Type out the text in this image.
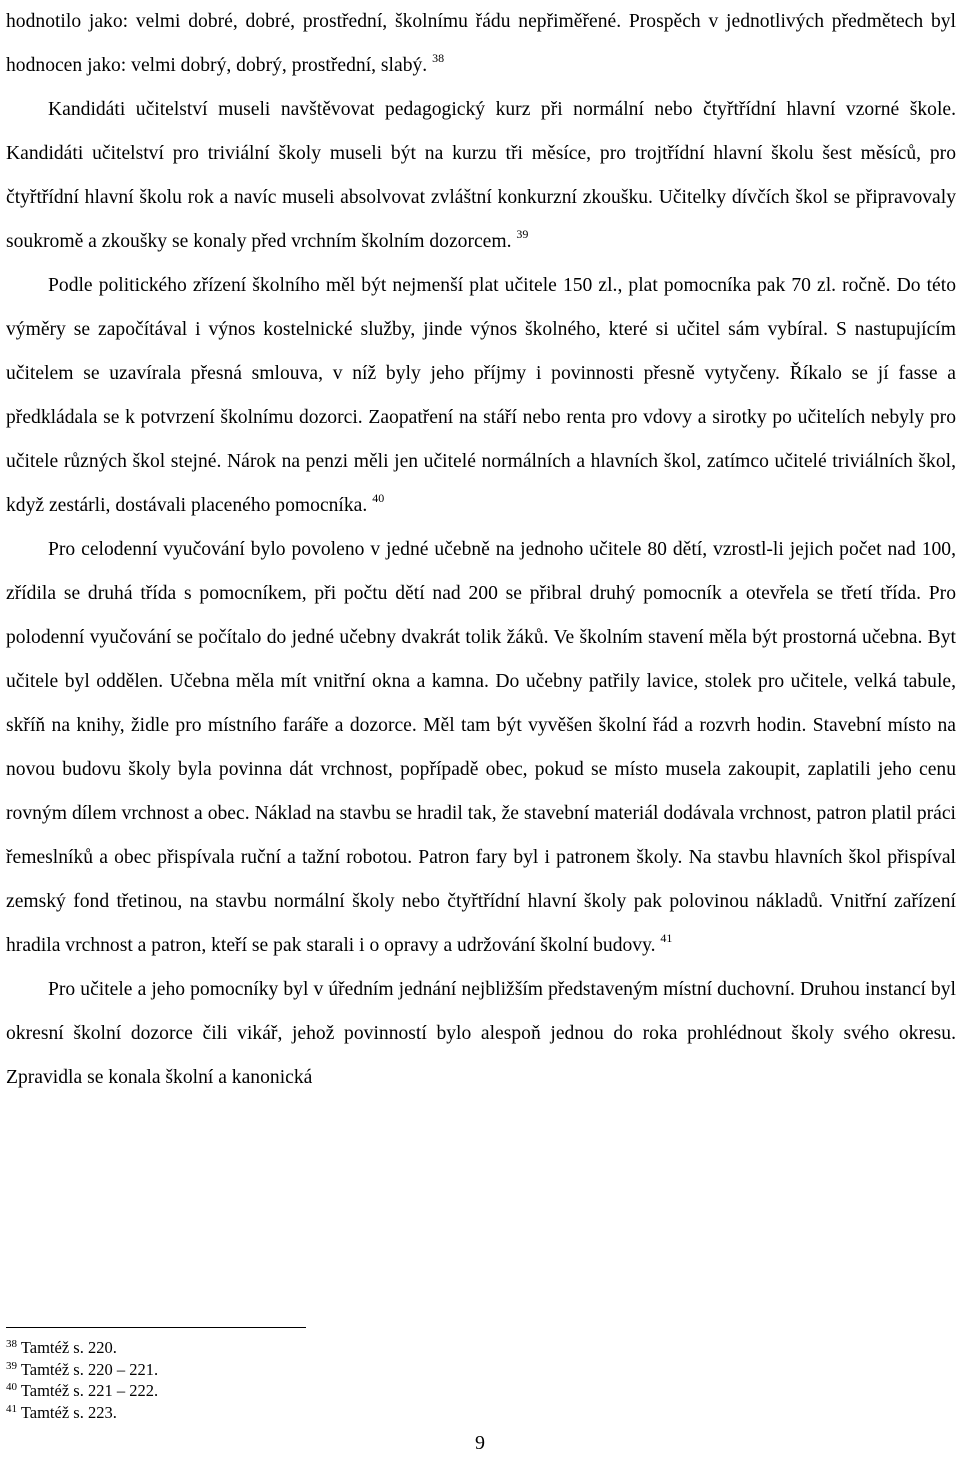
hodnotilo jako: velmi dobré, dobré, prostřední, školnímu řádu nepřiměřené. Prospěch v jednotlivých předmětech byl hodnocen jako: velmi dobrý, dobrý, prostřední, slabý. $^{38}$

Kandidáti učitelství museli navštěvovat pedagogický kurz při normální nebo čtyřtřídní hlavní vzorné škole. Kandidáti učitelství pro triviální školy museli být na kurzu tři měsíce, pro trojtřídní hlavní školu šest měsíců, pro čtyřtřídní hlavní školu rok a navíc museli absolvovat zvláštní konkurzní zkoušku. Učitelky dívčích škol se připravovaly soukromě a zkoušky se konaly před vrchním školním dozorcem. $^{39}$

Podle politického zřízení školního měl být nejmenší plat učitele 150 zl., plat pomocníka pak 70 zl. ročně. Do této výměry se započítával i výnos kostelnické služby, jinde výnos školného, které si učitel sám vybíral. S nastupujícím učitelem se uzavírala přesná smlouva, v níž byly jeho příjmy i povinnosti přesně vytyčeny. Říkalo se jí fasse a předkládala se k potvrzení školnímu dozorci. Zaopatření na stáří nebo renta pro vdovy a sirotky po učitelích nebyly pro učitele různých škol stejné. Nárok na penzi měli jen učitelé normálních a hlavních škol, zatímco učitelé triviálních škol, když zestárli, dostávali placeného pomocníka. $^{40}$

Pro celodenní vyučování bylo povoleno v jedné učebně na jednoho učitele 80 dětí, vzrostl-li jejich počet nad 100, zřídila se druhá třída s pomocníkem, při počtu dětí nad 200 se přibral druhý pomocník a otevřela se třetí třída. Pro polodenní vyučování se počítalo do jedné učebny dvakrát tolik žáků. Ve školním stavení měla být prostorná učebna. Byt učitele byl oddělen. Učebna měla mít vnitřní okna a kamna. Do učebny patřily lavice, stolek pro učitele, velká tabule, skříň na knihy, židle pro místního faráře a dozorce. Měl tam být vyvěšen školní řád a rozvrh hodin. Stavební místo na novou budovu školy byla povinna dát vrchnost, popřípadě obec, pokud se místo musela zakoupit, zaplatili jeho cenu rovným dílem vrchnost a obec. Náklad na stavbu se hradil tak, že stavební materiál dodávala vrchnost, patron platil práci řemeslníků a obec přispívala ruční a tažní robotou. Patron fary byl i patronem školy. Na stavbu hlavních škol přispíval zemský fond třetinou, na stavbu normální školy nebo čtyřtřídní hlavní školy pak polovinou nákladů. Vnitřní zařízení hradila vrchnost a patron, kteří se pak starali i o opravy a udržování školní budovy. $^{41}$

Pro učitele a jeho pomocníky byl v úředním jednání nejbližším představeným místní duchovní. Druhou instancí byl okresní školní dozorce čili vikář, jehož povinností bylo alespoň jednou do roka prohlédnout školy svého okresu. Zpravidla se konala školní a kanonická

$^{38}$ Tamtéž s. 220.
$^{39}$ Tamtéž s. 220 – 221.
$^{40}$ Tamtéž s. 221 – 222.
$^{41}$ Tamtéž s. 223.
9
